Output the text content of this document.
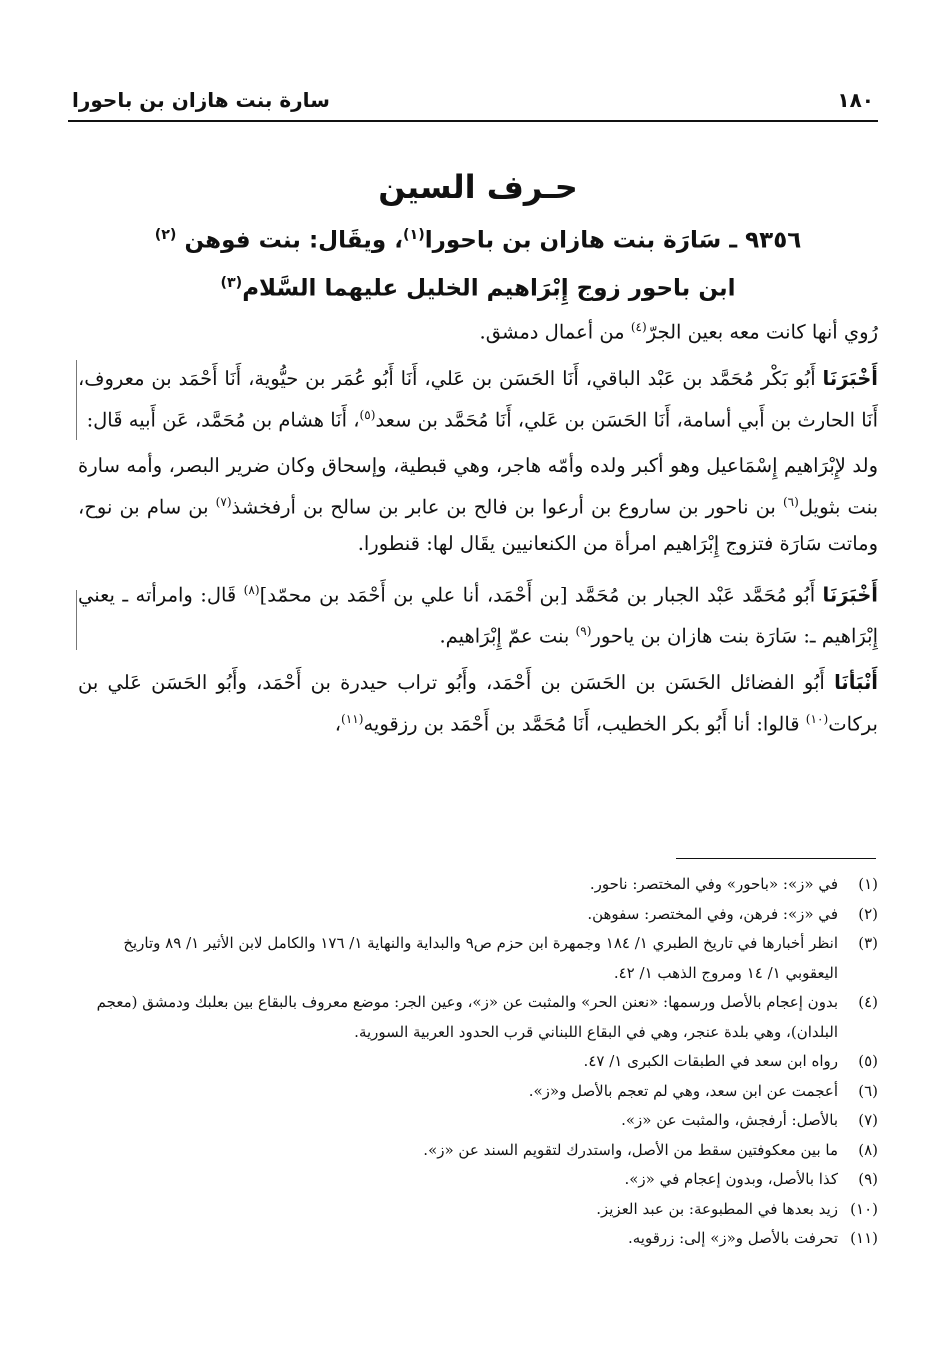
١٨٠
سارة بنت هازان بن باحورا
حـرف السين
٩٣٥٦ ـ سَارَة بنت هازان بن باحورا$^{(١)}$، ويقَال: بنت فوهن $^{(٢)}$
ابن باحور زوج إِبْرَاهيم الخليل عليهما السَّلام$^{(٣)}$

رُوي أنها كانت معه بعين الجرّ$^{(٤)}$ من أعمال دمشق.

أَخْبَرَنَا أَبُو بَكْر مُحَمَّد بن عَبْد الباقي، أَنَا الحَسَن بن عَلي، أَنَا أَبُو عُمَر بن حيُّوية، أَنَا أَحْمَد بن معروف، أَنَا الحارث بن أَبي أسامة، أَنَا الحَسَن بن عَلي، أَنَا مُحَمَّد بن سعد$^{(٥)}$، أَنَا هشام بن مُحَمَّد، عَن أَبيه قَال:

ولد لإِبْرَاهيم إِسْمَاعيل وهو أكبر ولده وأمّه هاجر، وهي قبطية، وإسحاق وكان ضرير البصر، وأمه سارة بنت بثويل$^{(٦)}$ بن ناحور بن ساروع بن أرعوا بن فالح بن عابر بن سالح بن أرفخشذ$^{(٧)}$ بن سام بن نوح، وماتت سَارَة فتزوج إِبْرَاهيم امرأة من الكنعانيين يقَال لها: قنطورا.

أَخْبَرَنَا أَبُو مُحَمَّد عَبْد الجبار بن مُحَمَّد [بن أَحْمَد، أنا علي بن أَحْمَد بن محمّد]$^{(٨)}$ قَال: وامرأته ـ يعني إِبْرَاهيم ـ: سَارَة بنت هازان بن ياحور$^{(٩)}$ بنت عمّ إِبْرَاهيم.

أَنْبَأنَا أَبُو الفضائل الحَسَن بن الحَسَن بن أَحْمَد، وأَبُو تراب حيدرة بن أَحْمَد، وأَبُو الحَسَن عَلي بن بركات$^{(١٠)}$ قالوا: أنا أَبُو بكر الخطيب، أَنَا مُحَمَّد بن أَحْمَد بن رزقويه$^{(١١)}$،

(١)
في «ز»: «باحور» وفي المختصر: ناحور.
(٢)
في «ز»: فرهن، وفي المختصر: سفوهن.
(٣)
انظر أخبارها في تاريخ الطبري ١/ ١٨٤ وجمهرة ابن حزم ص٩ والبداية والنهاية ١/ ١٧٦ والكامل لابن الأثير ١/ ٨٩ وتاريخ اليعقوبي ١/ ١٤ ومروج الذهب ١/ ٤٢.
(٤)
بدون إعجام بالأصل ورسمها: «نعنن الحر» والمثبت عن «ز»، وعين الجر: موضع معروف بالبقاع بين بعلبك ودمشق (معجم البلدان)، وهي بلدة عنجر، وهي في البقاع اللبناني قرب الحدود العربية السورية.
(٥)
رواه ابن سعد في الطبقات الكبرى ١/ ٤٧.
(٦)
أعجمت عن ابن سعد، وهي لم تعجم بالأصل و«ز».
(٧)
بالأصل: أرفجش، والمثبت عن «ز».
(٨)
ما بين معكوفتين سقط من الأصل، واستدرك لتقويم السند عن «ز».
(٩)
كذا بالأصل، وبدون إعجام في «ز».
(١٠)
زيد بعدها في المطبوعة: بن عبد العزيز.
(١١)
تحرفت بالأصل و«ز» إلى: زرقويه.
